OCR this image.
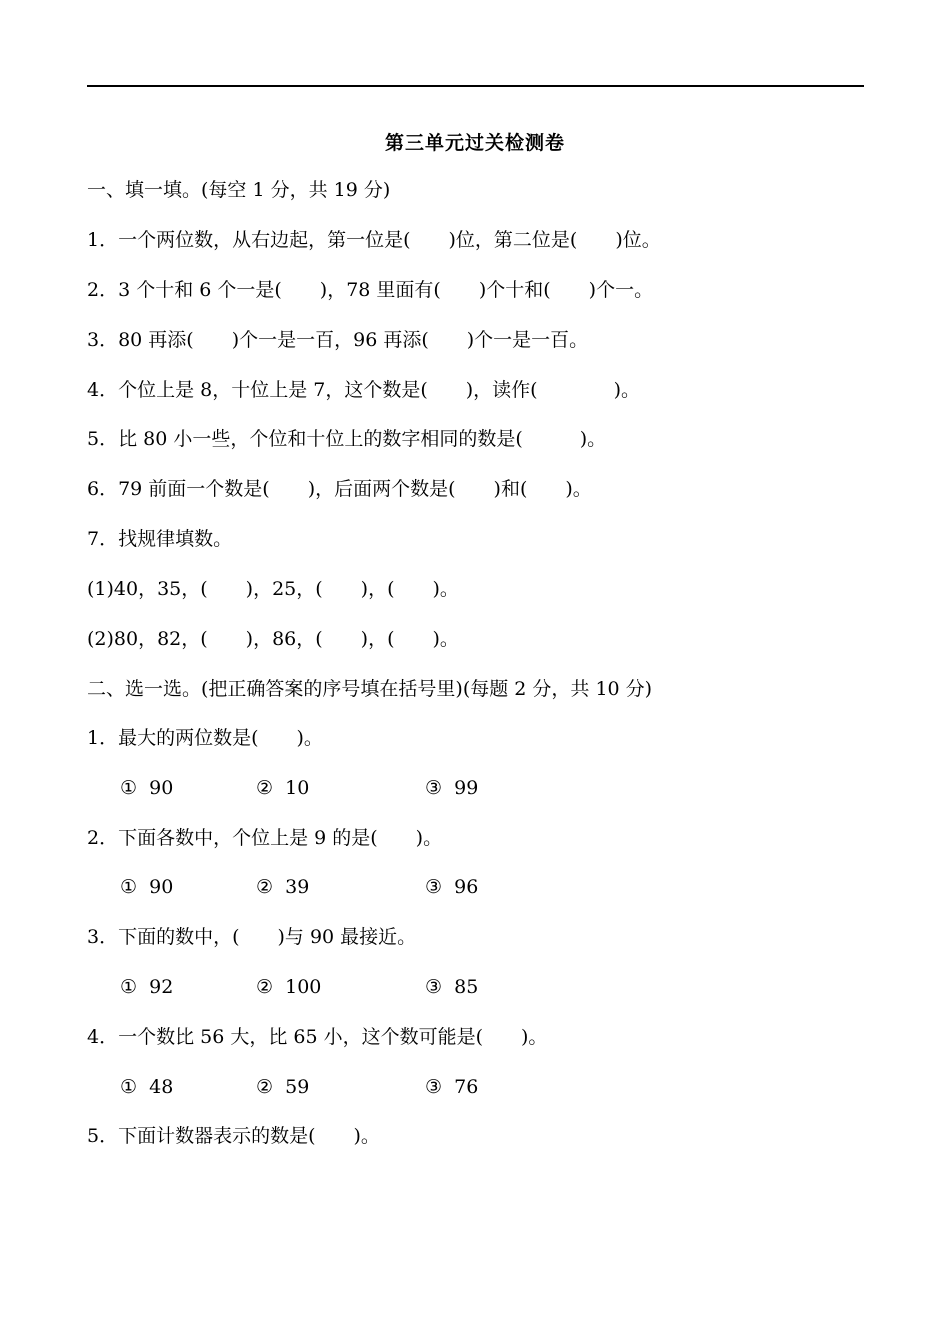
第三单元过关检测卷
一、填一填。(每空 1 分，共 19 分)
1．一个两位数，从右边起，第一位是(　　)位，第二位是(　　)位。
2．3 个十和 6 个一是(　　)，78 里面有(　　)个十和(　　)个一。
3．80 再添(　　)个一是一百，96 再添(　　)个一是一百。
4．个位上是 8，十位上是 7，这个数是(　　)，读作(　　　　)。
5．比 80 小一些，个位和十位上的数字相同的数是(　　　)。
6．79 前面一个数是(　　)，后面两个数是(　　)和(　　)。
7．找规律填数。
(1)40，35，(　　)，25，(　　)，(　　)。
(2)80，82，(　　)，86，(　　)，(　　)。
二、选一选。(把正确答案的序号填在括号里)(每题 2 分，共 10 分)
1．最大的两位数是(　　)。
①  90	②  10	③  99
2．下面各数中，个位上是 9 的是(　　)。
①  90	②  39	③  96
3．下面的数中，(　　)与 90 最接近。
①  92	②  100	③  85
4．一个数比 56 大，比 65 小，这个数可能是(　　)。
①  48	②  59	③  76
5．下面计数器表示的数是(　　)。
